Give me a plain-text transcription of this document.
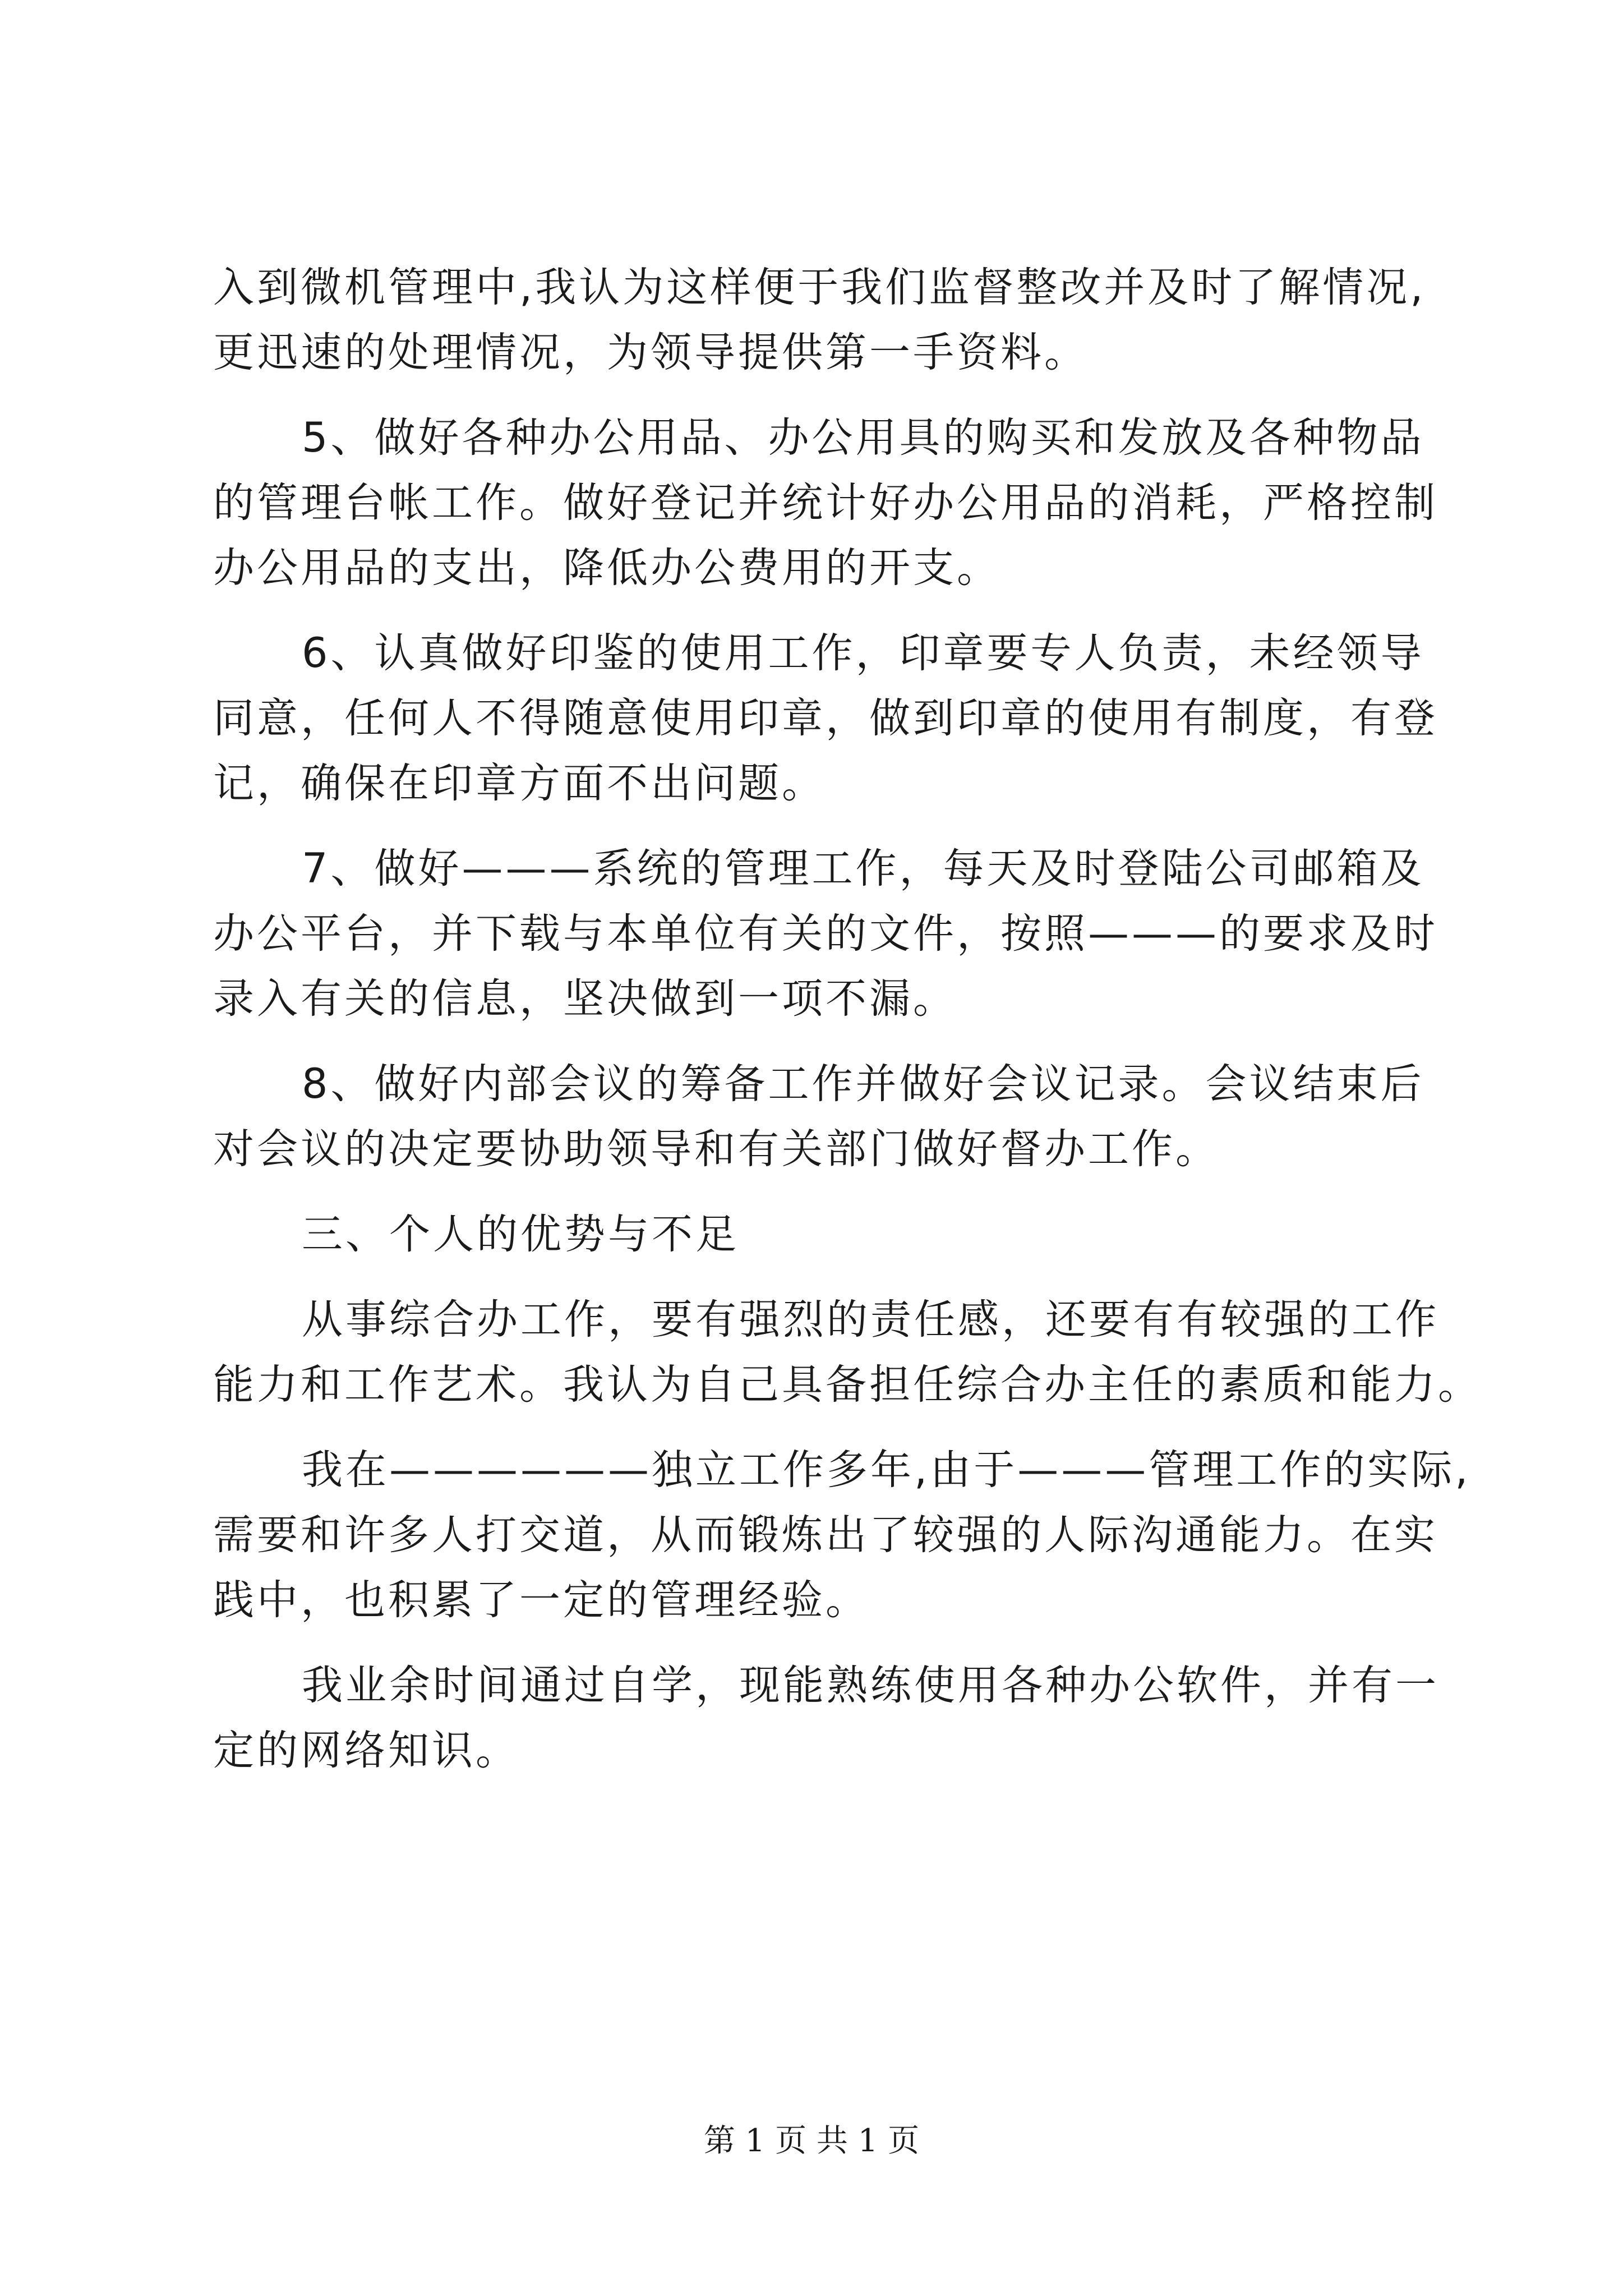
入到微机管理中,我认为这样便于我们监督整改并及时了解情况,
更迅速的处理情况，为领导提供第一手资料。
5、做好各种办公用品、办公用具的购买和发放及各种物品
的管理台帐工作。做好登记并统计好办公用品的消耗，严格控制
办公用品的支出，降低办公费用的开支。
6、认真做好印鉴的使用工作，印章要专人负责，未经领导
同意，任何人不得随意使用印章，做到印章的使用有制度，有登
记，确保在印章方面不出问题。
7、做好———系统的管理工作，每天及时登陆公司邮箱及
办公平台，并下载与本单位有关的文件，按照———的要求及时
录入有关的信息，坚决做到一项不漏。
8、做好内部会议的筹备工作并做好会议记录。会议结束后
对会议的决定要协助领导和有关部门做好督办工作。
三、个人的优势与不足
从事综合办工作，要有强烈的责任感，还要有有较强的工作
能力和工作艺术。我认为自己具备担任综合办主任的素质和能力。
我在——————独立工作多年,由于———管理工作的实际,
需要和许多人打交道，从而锻炼出了较强的人际沟通能力。在实
践中，也积累了一定的管理经验。
我业余时间通过自学，现能熟练使用各种办公软件，并有一
定的网络知识。
第 1 页 共 1 页
